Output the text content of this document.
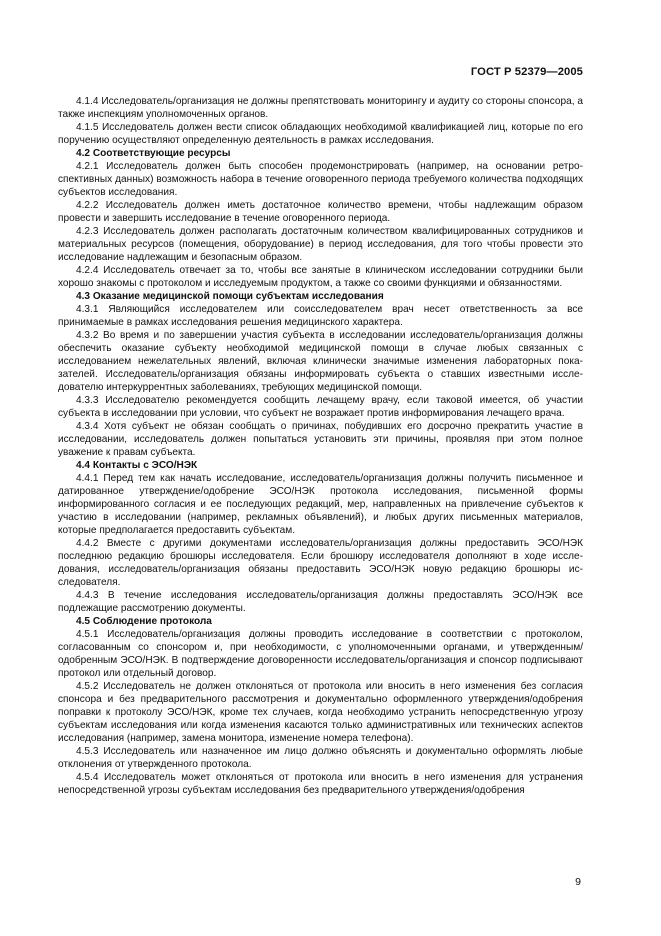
ГОСТ Р 52379—2005

4.1.4 Исследователь/организация не должны препятствовать мониторингу и аудиту со стороны спонсора, а также инспекциям уполномоченных органов.

4.1.5 Исследователь должен вести список обладающих необходимой квалификацией лиц, которые по его поручению осуществляют определенную деятельность в рамках исследования.

4.2 Соответствующие ресурсы

4.2.1 Исследователь должен быть способен продемонстрировать (например, на основании ретроспективных данных) возможность набора в течение оговоренного периода требуемого количества подходящих субъектов исследования.

4.2.2 Исследователь должен иметь достаточное количество времени, чтобы надлежащим образом провести и завершить исследование в течение оговоренного периода.

4.2.3 Исследователь должен располагать достаточным количеством квалифицированных сотрудников и материальных ресурсов (помещения, оборудование) в период исследования, для того чтобы провести это исследование надлежащим и безопасным образом.

4.2.4 Исследователь отвечает за то, чтобы все занятые в клиническом исследовании сотрудники были хорошо знакомы с протоколом и исследуемым продуктом, а также со своими функциями и обязанностями.

4.3 Оказание медицинской помощи субъектам исследования

4.3.1 Являющийся исследователем или соисследователем врач несет ответственность за все принимаемые в рамках исследования решения медицинского характера.

4.3.2 Во время и по завершении участия субъекта в исследовании исследователь/организация должны обеспечить оказание субъекту необходимой медицинской помощи в случае любых связанных с исследованием нежелательных явлений, включая клинически значимые изменения лабораторных показателей. Исследователь/организация обязаны информировать субъекта о ставших известными исследователю интеркуррентных заболеваниях, требующих медицинской помощи.

4.3.3 Исследователю рекомендуется сообщить лечащему врачу, если таковой имеется, об участии субъекта в исследовании при условии, что субъект не возражает против информирования лечащего врача.

4.3.4 Хотя субъект не обязан сообщать о причинах, побудивших его досрочно прекратить участие в исследовании, исследователь должен попытаться установить эти причины, проявляя при этом полное уважение к правам субъекта.

4.4 Контакты с ЭСО/НЭК

4.4.1 Перед тем как начать исследование, исследователь/организация должны получить письменное и датированное утверждение/одобрение ЭСО/НЭК протокола исследования, письменной формы информированного согласия и ее последующих редакций, мер, направленных на привлечение субъектов к участию в исследовании (например, рекламных объявлений), и любых других письменных материалов, которые предполагается предоставить субъектам.

4.4.2 Вместе с другими документами исследователь/организация должны предоставить ЭСО/НЭК последнюю редакцию брошюры исследователя. Если брошюру исследователя дополняют в ходе исследования, исследователь/организация обязаны предоставить ЭСО/НЭК новую редакцию брошюры исследователя.

4.4.3 В течение исследования исследователь/организация должны предоставлять ЭСО/НЭК все подлежащие рассмотрению документы.

4.5 Соблюдение протокола

4.5.1 Исследователь/организация должны проводить исследование в соответствии с протоколом, согласованным со спонсором и, при необходимости, с уполномоченными органами, и утвержденным/одобренным ЭСО/НЭК. В подтверждение договоренности исследователь/организация и спонсор подписывают протокол или отдельный договор.

4.5.2 Исследователь не должен отклоняться от протокола или вносить в него изменения без согласия спонсора и без предварительного рассмотрения и документально оформленного утверждения/одобрения поправки к протоколу ЭСО/НЭК, кроме тех случаев, когда необходимо устранить непосредственную угрозу субъектам исследования или когда изменения касаются только административных или технических аспектов исследования (например, замена монитора, изменение номера телефона).

4.5.3 Исследователь или назначенное им лицо должно объяснять и документально оформлять любые отклонения от утвержденного протокола.

4.5.4 Исследователь может отклоняться от протокола или вносить в него изменения для устранения непосредственной угрозы субъектам исследования без предварительного утверждения/одобрения

9
